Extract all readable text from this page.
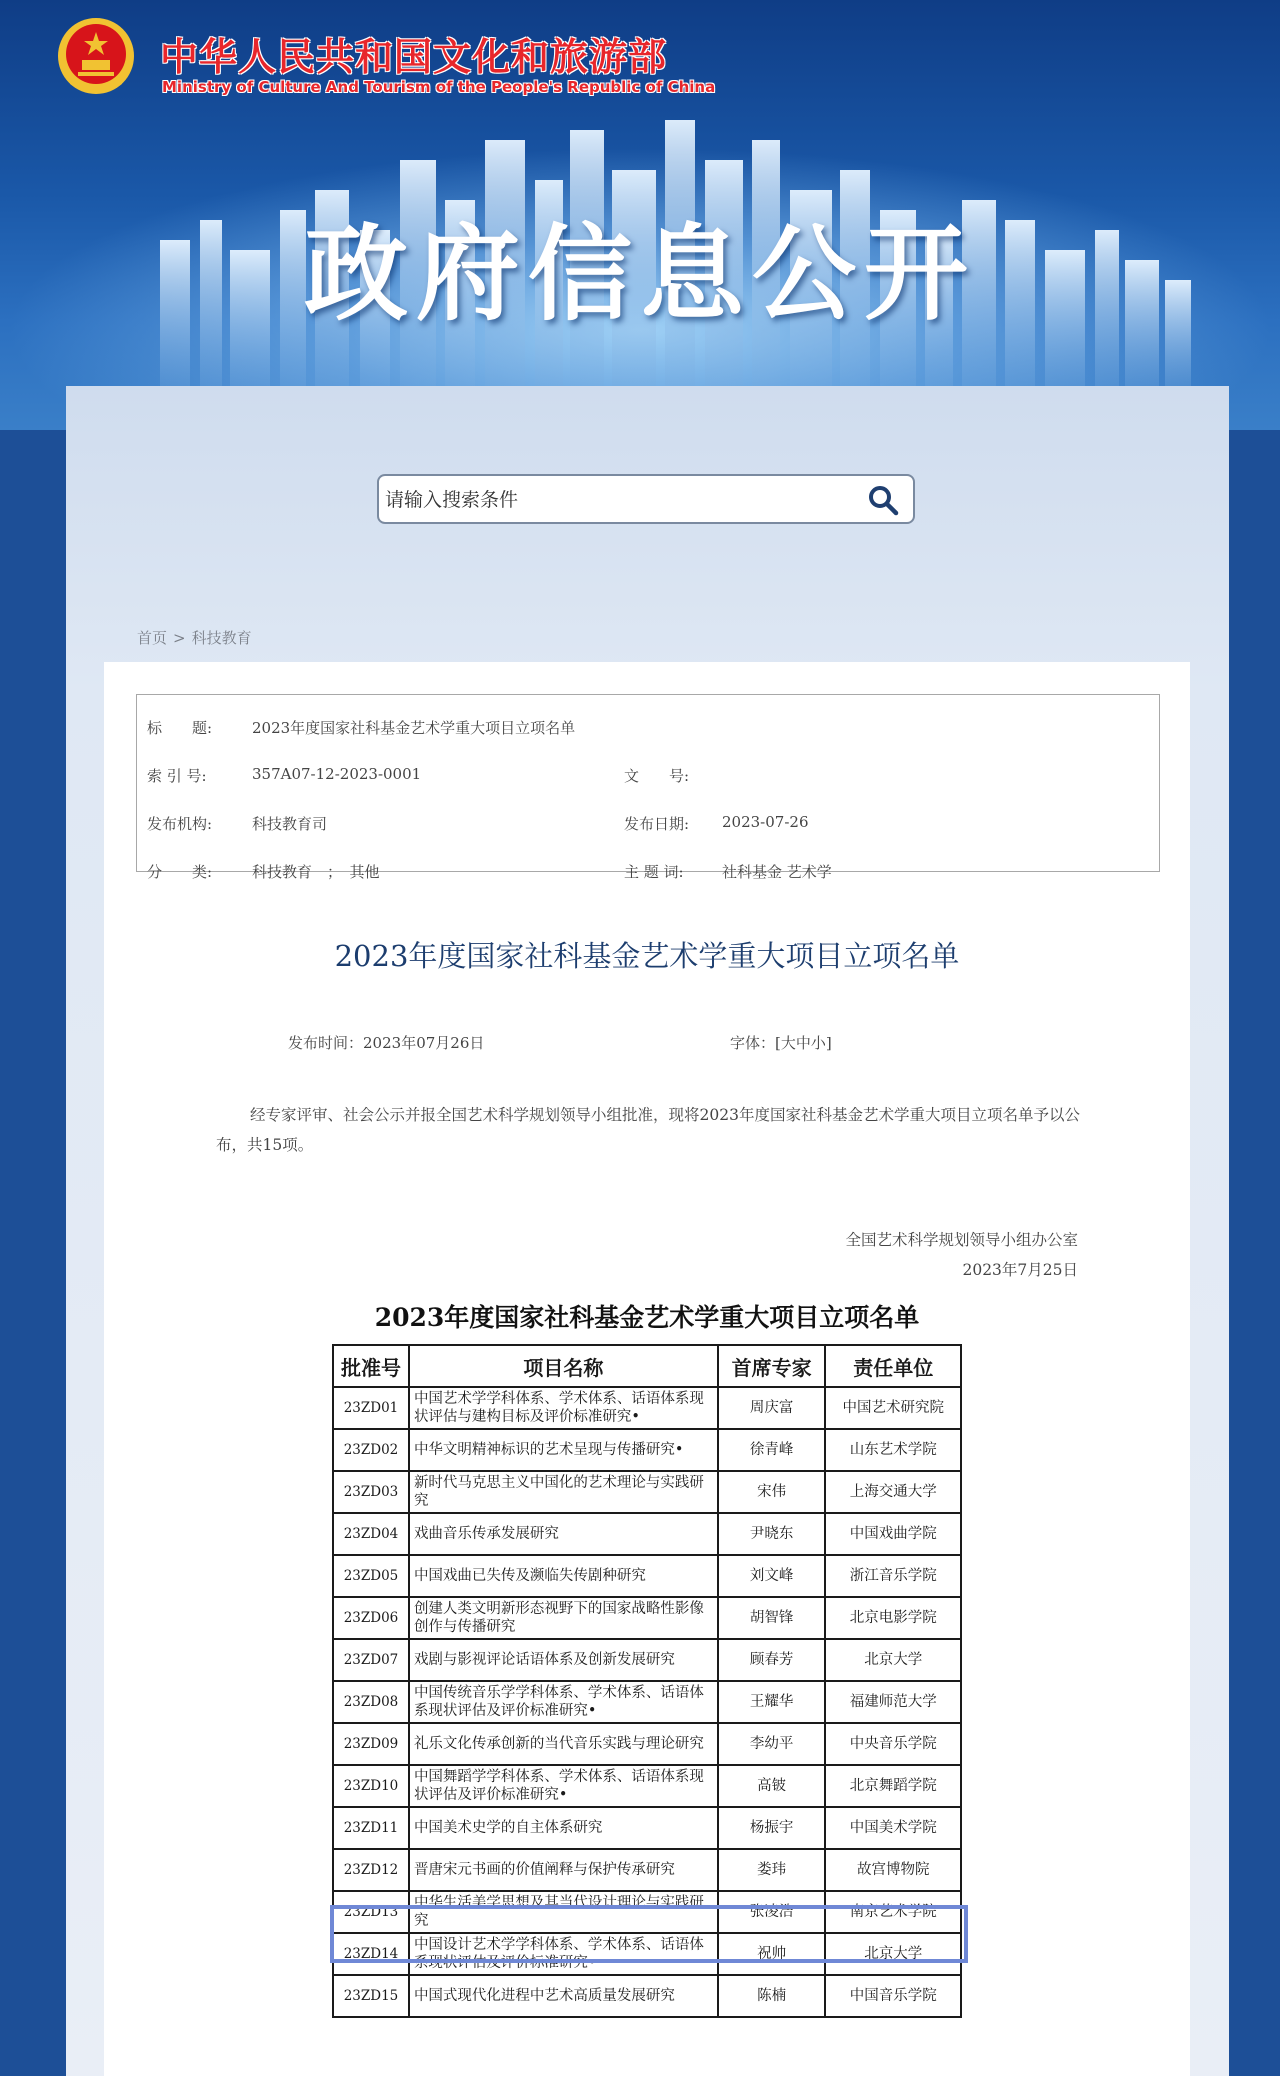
中华人民共和国文化和旅游部
Ministry of Culture And Tourism of the People's Republic of China
政府信息公开
请输入搜索条件
首页 > 科技教育
标　　题:	2023年度国家社科基金艺术学重大项目立项名单
索 引 号:	357A07-12-2023-0001	文　　号:
发布机构:	科技教育司	发布日期: 2023-07-26
分　　类:	科技教育　；　其他	主 题 词:	社科基金 艺术学
2023年度国家社科基金艺术学重大项目立项名单
发布时间：2023年07月26日	字体：[大中小]
经专家评审、社会公示并报全国艺术科学规划领导小组批准，现将2023年度国家社科基金艺术学重大项目立项名单予以公布，共15项。
全国艺术科学规划领导小组办公室
2023年7月25日
2023年度国家社科基金艺术学重大项目立项名单
批准号	项目名称	首席专家	责任单位
23ZD01	中国艺术学学科体系、学术体系、话语体系现状评估与建构目标及评价标准研究•	周庆富	中国艺术研究院
23ZD02	中华文明精神标识的艺术呈现与传播研究•	徐青峰	山东艺术学院
23ZD03	新时代马克思主义中国化的艺术理论与实践研究	宋伟	上海交通大学
23ZD04	戏曲音乐传承发展研究	尹晓东	中国戏曲学院
23ZD05	中国戏曲已失传及濒临失传剧种研究	刘文峰	浙江音乐学院
23ZD06	创建人类文明新形态视野下的国家战略性影像创作与传播研究	胡智锋	北京电影学院
23ZD07	戏剧与影视评论话语体系及创新发展研究	顾春芳	北京大学
23ZD08	中国传统音乐学学科体系、学术体系、话语体系现状评估及评价标准研究•	王耀华	福建师范大学
23ZD09	礼乐文化传承创新的当代音乐实践与理论研究	李幼平	中央音乐学院
23ZD10	中国舞蹈学学科体系、学术体系、话语体系现状评估及评价标准研究•	高铍	北京舞蹈学院
23ZD11	中国美术史学的自主体系研究	杨振宇	中国美术学院
23ZD12	晋唐宋元书画的价值阐释与保护传承研究	娄玮	故宫博物院
23ZD13	中华生活美学思想及其当代设计理论与实践研究	张凌浩	南京艺术学院
23ZD14	中国设计艺术学学科体系、学术体系、话语体系现状评估及评价标准研究•	祝帅	北京大学
23ZD15	中国式现代化进程中艺术高质量发展研究	陈楠	中国音乐学院
